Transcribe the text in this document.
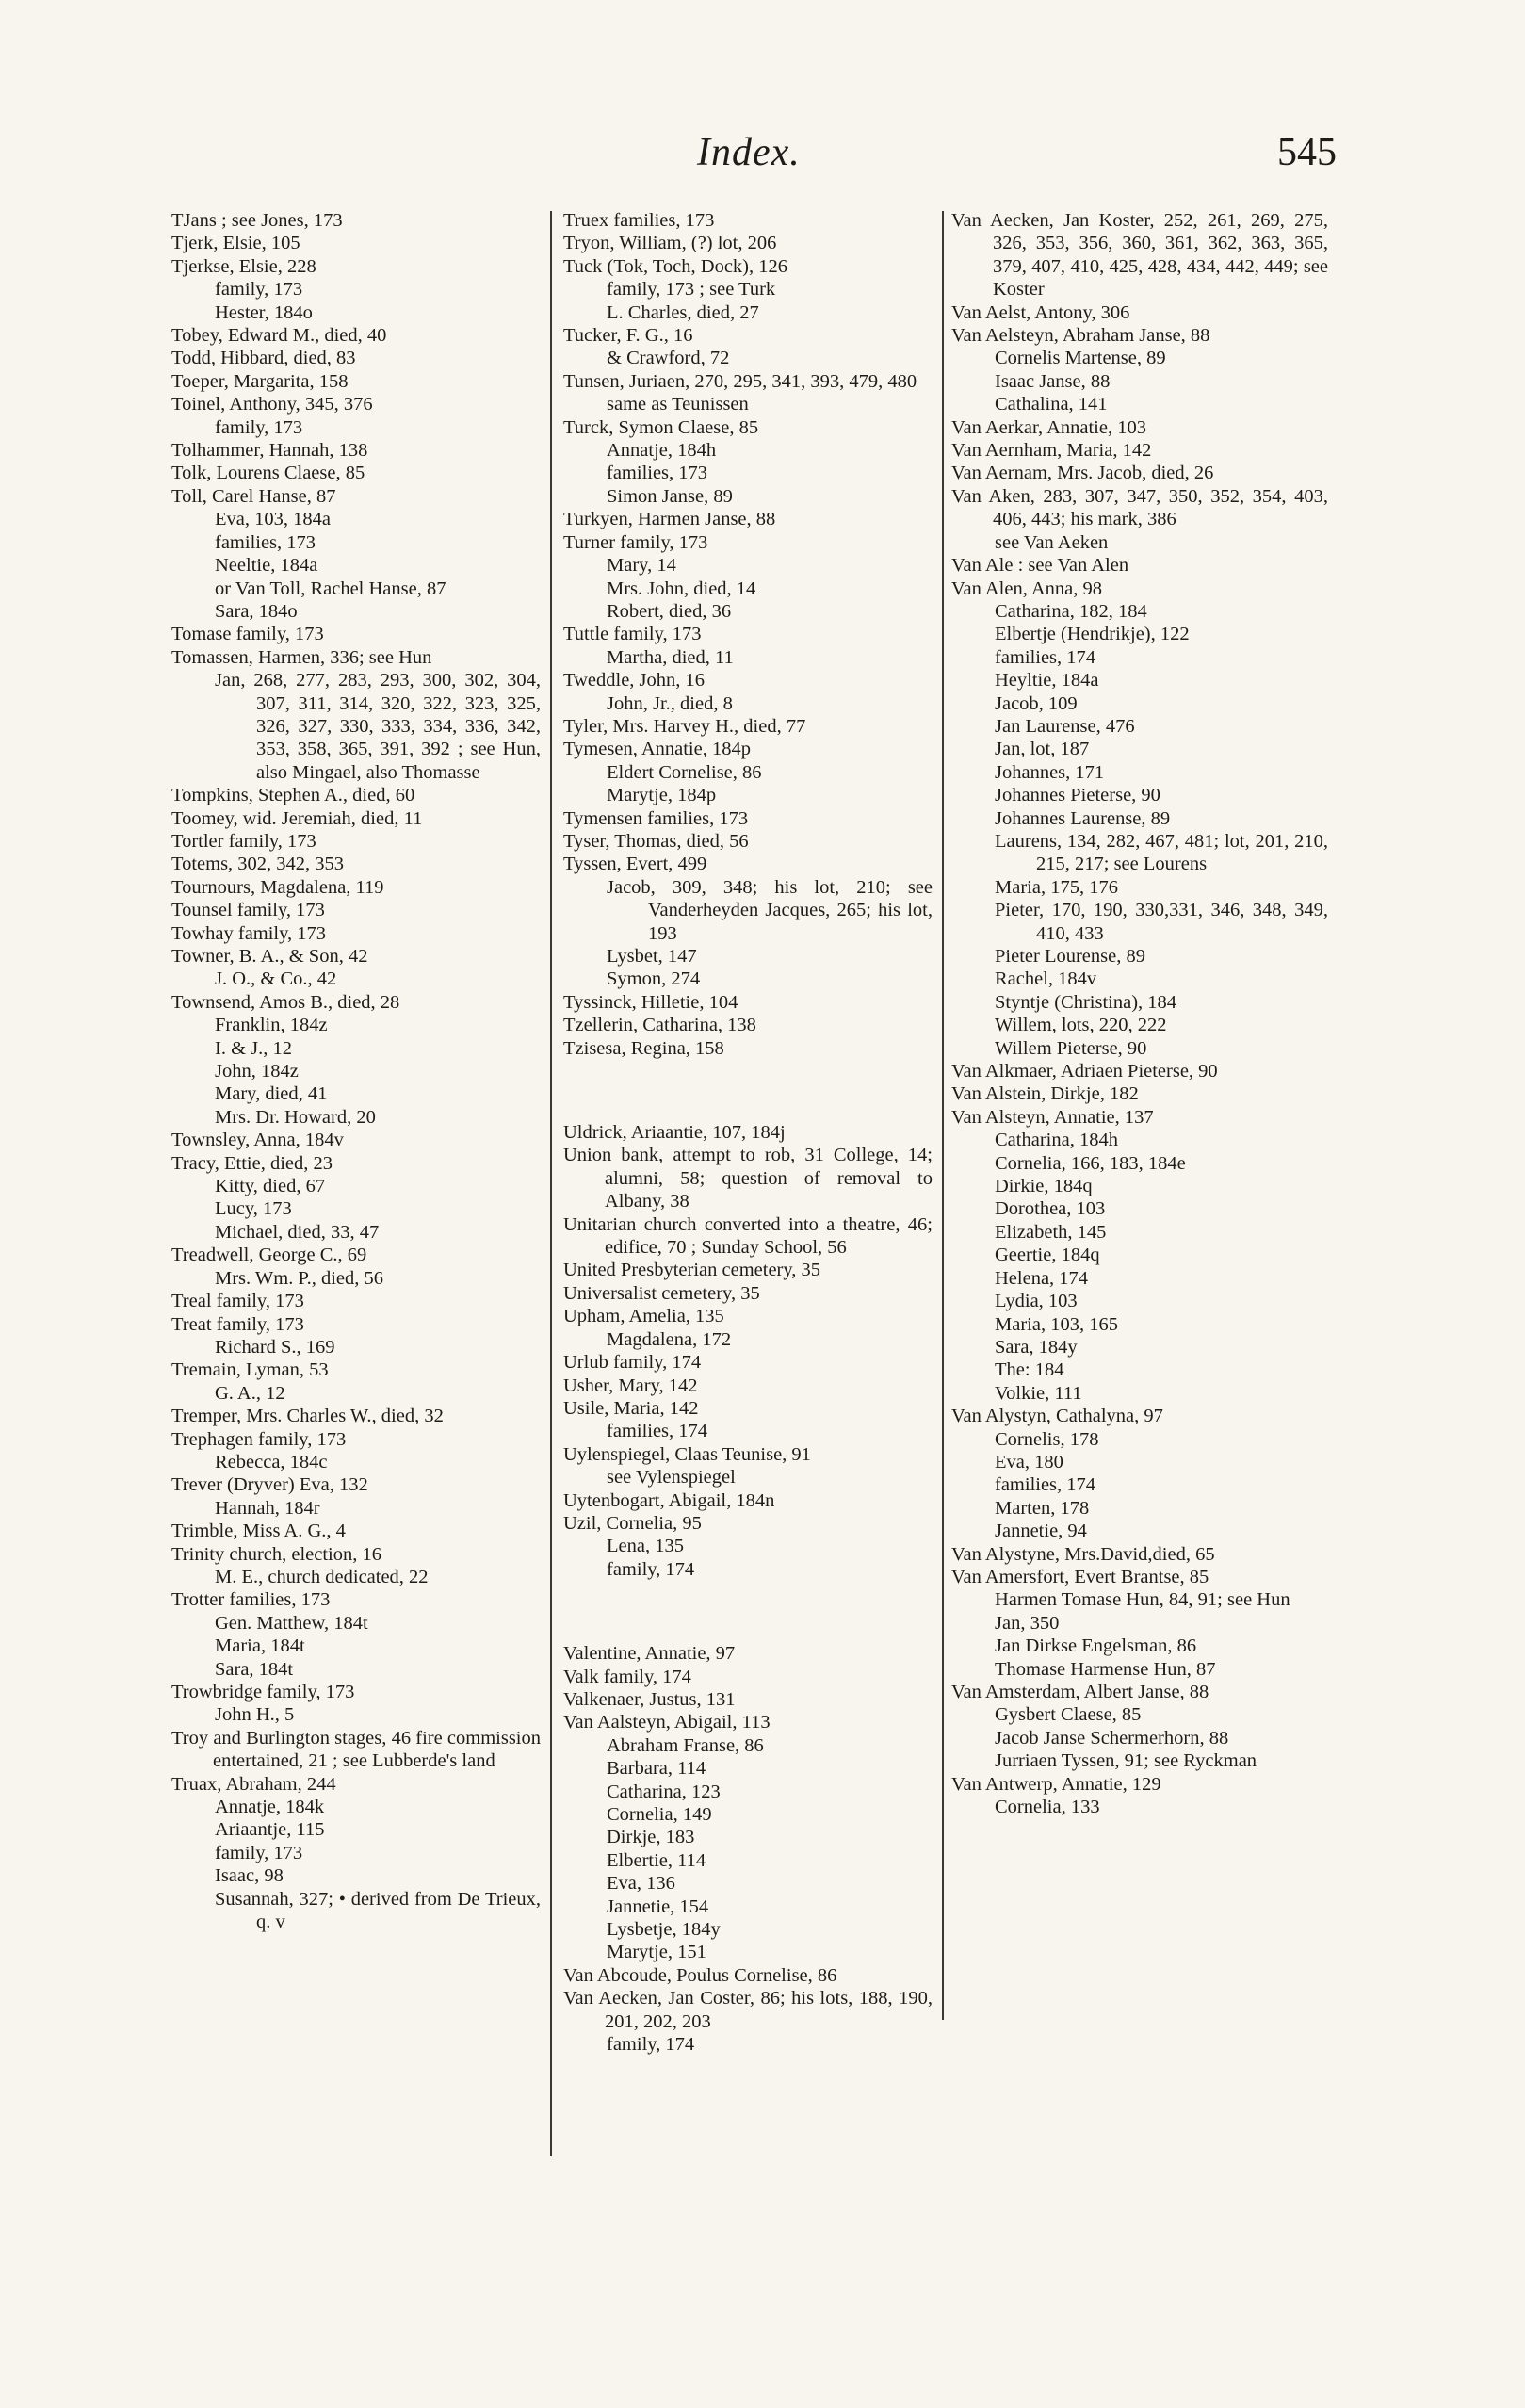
Index.	545

TJans ; see Jones, 173

Tjerk, Elsie, 105

Tjerkse, Elsie, 228

family, 173

Hester, 184o

Tobey, Edward M., died, 40

Todd, Hibbard, died, 83

Toeper, Margarita, 158

Toinel, Anthony, 345, 376

family, 173

Tolhammer, Hannah, 138

Tolk, Lourens Claese, 85

Toll, Carel Hanse, 87

Eva, 103, 184a

families, 173

Neeltie, 184a

or Van Toll, Rachel Hanse, 87

Sara, 184o

Tomase family, 173

Tomassen, Harmen, 336; see Hun

Jan, 268, 277, 283, 293, 300, 302, 304, 307, 311, 314, 320, 322, 323, 325, 326, 327, 330, 333, 334, 336, 342, 353, 358, 365, 391, 392 ; see Hun, also Mingael, also Thomasse

Tompkins, Stephen A., died, 60

Toomey, wid. Jeremiah, died, 11

Tortler family, 173

Totems, 302, 342, 353

Tournours, Magdalena, 119

Tounsel family, 173

Towhay family, 173

Towner, B. A., & Son, 42

J. O., & Co., 42

Townsend, Amos B., died, 28

Franklin, 184z

I. & J., 12

John, 184z

Mary, died, 41

Mrs. Dr. Howard, 20

Townsley, Anna, 184v

Tracy, Ettie, died, 23

Kitty, died, 67

Lucy, 173

Michael, died, 33, 47

Treadwell, George C., 69

Mrs. Wm. P., died, 56

Treal family, 173

Treat family, 173

Richard S., 169

Tremain, Lyman, 53

G. A., 12

Tremper, Mrs. Charles W., died, 32

Trephagen family, 173

Rebecca, 184c

Trever (Dryver) Eva, 132

Hannah, 184r

Trimble, Miss A. G., 4

Trinity church, election, 16

M. E., church dedicated, 22

Trotter families, 173

Gen. Matthew, 184t

Maria, 184t

Sara, 184t

Trowbridge family, 173

John H., 5

Troy and Burlington stages, 46 fire commission entertained, 21 ; see Lubberde's land

Truax, Abraham, 244

Annatje, 184k

Ariaantje, 115

family, 173

Isaac, 98

Susannah, 327; • derived from De Trieux, q. v

Truex families, 173

Tryon, William, (?) lot, 206

Tuck (Tok, Toch, Dock), 126

family, 173 ; see Turk

L. Charles, died, 27

Tucker, F. G., 16

& Crawford, 72

Tunsen, Juriaen, 270, 295, 341, 393, 479, 480

same as Teunissen

Turck, Symon Claese, 85

Annatje, 184h

families, 173

Simon Janse, 89

Turkyen, Harmen Janse, 88

Turner family, 173

Mary, 14

Mrs. John, died, 14

Robert, died, 36

Tuttle family, 173

Martha, died, 11

Tweddle, John, 16

John, Jr., died, 8

Tyler, Mrs. Harvey H., died, 77

Tymesen, Annatie, 184p

Eldert Cornelise, 86

Marytje, 184p

Tymensen families, 173

Tyser, Thomas, died, 56

Tyssen, Evert, 499

Jacob, 309, 348; his lot, 210; see Vanderheyden Jacques, 265; his lot, 193

Lysbet, 147

Symon, 274

Tyssinck, Hilletie, 104

Tzellerin, Catharina, 138

Tzisesa, Regina, 158

Uldrick, Ariaantie, 107, 184j

Union bank, attempt to rob, 31 College, 14; alumni, 58; question of removal to Albany, 38

Unitarian church converted into a theatre, 46; edifice, 70 ; Sunday School, 56

United Presbyterian cemetery, 35

Universalist cemetery, 35

Upham, Amelia, 135

Magdalena, 172

Urlub family, 174

Usher, Mary, 142

Usile, Maria, 142

families, 174

Uylenspiegel, Claas Teunise, 91

see Vylenspiegel

Uytenbogart, Abigail, 184n

Uzil, Cornelia, 95

Lena, 135

family, 174

Valentine, Annatie, 97

Valk family, 174

Valkenaer, Justus, 131

Van Aalsteyn, Abigail, 113

Abraham Franse, 86

Barbara, 114

Catharina, 123

Cornelia, 149

Dirkje, 183

Elbertie, 114

Eva, 136

Jannetie, 154

Lysbetje, 184y

Marytje, 151

Van Abcoude, Poulus Cornelise, 86

Van Aecken, Jan Coster, 86; his lots, 188, 190, 201, 202, 203

family, 174

Van Aecken, Jan Koster, 252, 261, 269, 275, 326, 353, 356, 360, 361, 362, 363, 365, 379, 407, 410, 425, 428, 434, 442, 449; see Koster

Van Aelst, Antony, 306

Van Aelsteyn, Abraham Janse, 88

Cornelis Martense, 89

Isaac Janse, 88

Cathalina, 141

Van Aerkar, Annatie, 103

Van Aernham, Maria, 142

Van Aernam, Mrs. Jacob, died, 26

Van Aken, 283, 307, 347, 350, 352, 354, 403, 406, 443; his mark, 386

see Van Aeken

Van Ale : see Van Alen

Van Alen, Anna, 98

Catharina, 182, 184

Elbertje (Hendrikje), 122

families, 174

Heyltie, 184a

Jacob, 109

Jan Laurense, 476

Jan, lot, 187

Johannes, 171

Johannes Pieterse, 90

Johannes Laurense, 89

Laurens, 134, 282, 467, 481; lot, 201, 210, 215, 217; see Lourens

Maria, 175, 176

Pieter, 170, 190, 330,331, 346, 348, 349, 410, 433

Pieter Lourense, 89

Rachel, 184v

Styntje (Christina), 184

Willem, lots, 220, 222

Willem Pieterse, 90

Van Alkmaer, Adriaen Pieterse, 90

Van Alstein, Dirkje, 182

Van Alsteyn, Annatie, 137

Catharina, 184h

Cornelia, 166, 183, 184e

Dirkie, 184q

Dorothea, 103

Elizabeth, 145

Geertie, 184q

Helena, 174

Lydia, 103

Maria, 103, 165

Sara, 184y

The: 184

Volkie, 111

Van Alystyn, Cathalyna, 97

Cornelis, 178

Eva, 180

families, 174

Marten, 178

Jannetie, 94

Van Alystyne, Mrs.David,died, 65

Van Amersfort, Evert Brantse, 85

Harmen Tomase Hun, 84, 91; see Hun

Jan, 350

Jan Dirkse Engelsman, 86

Thomase Harmense Hun, 87

Van Amsterdam, Albert Janse, 88

Gysbert Claese, 85

Jacob Janse Schermerhorn, 88

Jurriaen Tyssen, 91; see Ryckman

Van Antwerp, Annatie, 129

Cornelia, 133
